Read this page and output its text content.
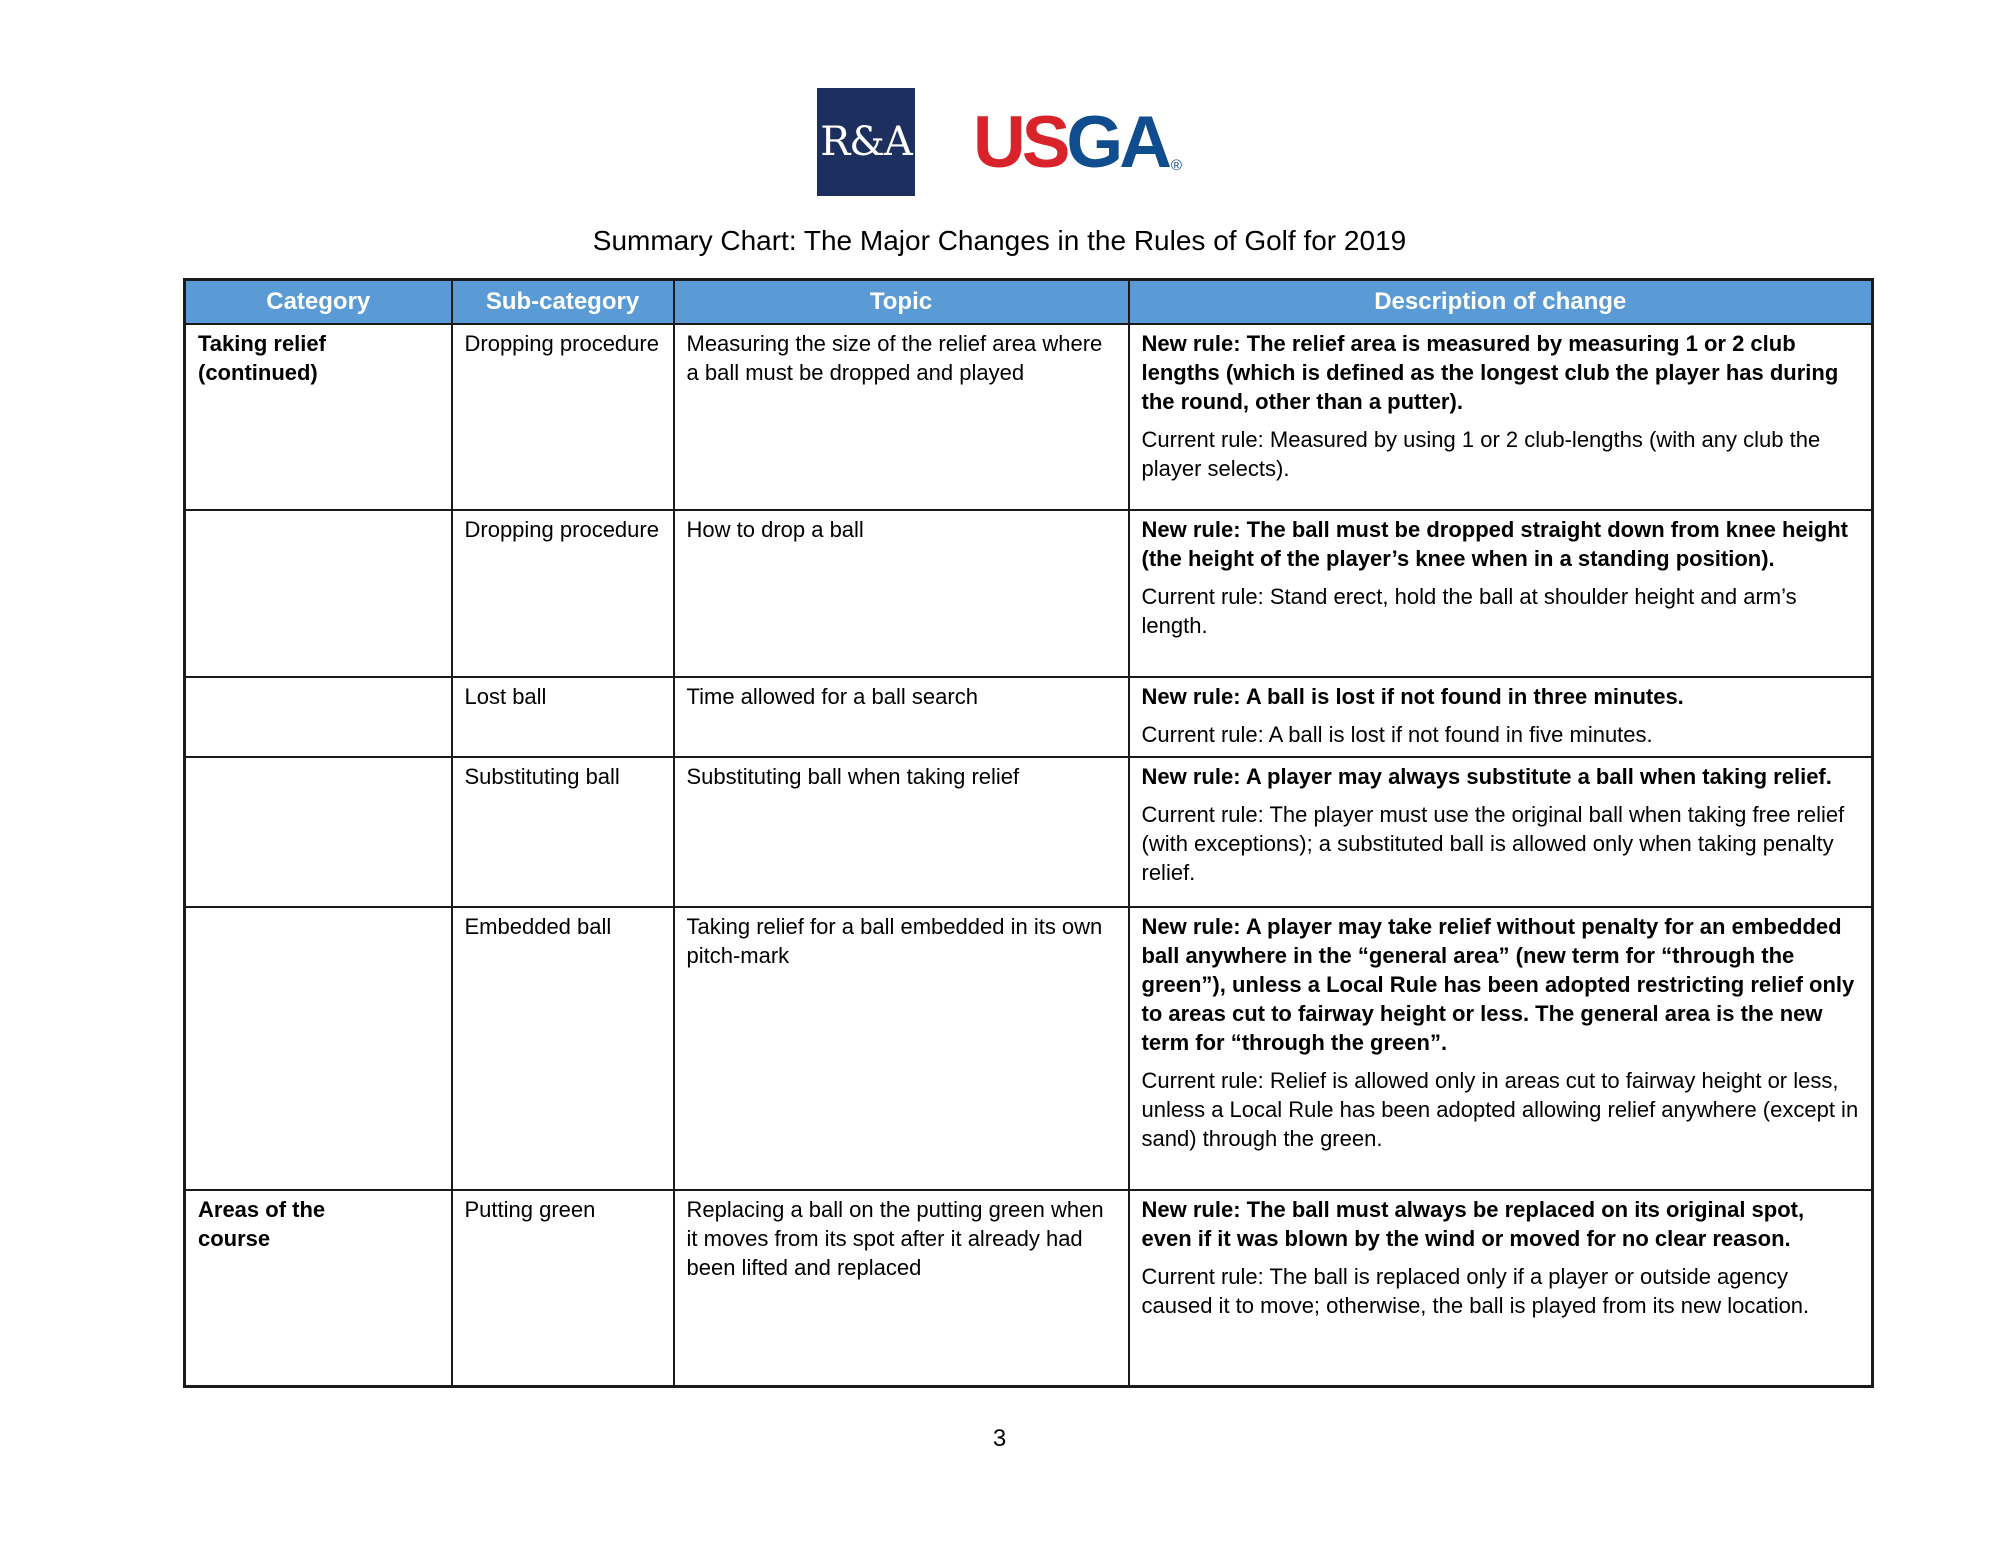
R&A US GA ®
Summary Chart: The Major Changes in the Rules of Golf for 2019
Category	Sub-category	Topic	Description of change
Taking relief (continued)	Dropping procedure	Measuring the size of the relief area where a ball must be dropped and played	New rule: The relief area is measured by measuring 1 or 2 club lengths (which is defined as the longest club the player has during the round, other than a putter).

Current rule: Measured by using 1 or 2 club-lengths (with any club the player selects).

	Dropping procedure	How to drop a ball	New rule: The ball must be dropped straight down from knee height (the height of the player’s knee when in a standing position).

Current rule: Stand erect, hold the ball at shoulder height and arm’s length.

	Lost ball	Time allowed for a ball search	New rule: A ball is lost if not found in three minutes.

Current rule: A ball is lost if not found in five minutes.

	Substituting ball	Substituting ball when taking relief	New rule: A player may always substitute a ball when taking relief.

Current rule: The player must use the original ball when taking free relief (with exceptions); a substituted ball is allowed only when taking penalty relief.

	Embedded ball	Taking relief for a ball embedded in its own pitch-mark	New rule: A player may take relief without penalty for an embedded ball anywhere in the “general area” (new term for “through the green”), unless a Local Rule has been adopted restricting relief only to areas cut to fairway height or less. The general area is the new term for “through the green”.

Current rule: Relief is allowed only in areas cut to fairway height or less, unless a Local Rule has been adopted allowing relief anywhere (except in sand) through the green.

Areas of the course	Putting green	Replacing a ball on the putting green when it moves from its spot after it already had been lifted and replaced	New rule: The ball must always be replaced on its original spot, even if it was blown by the wind or moved for no clear reason.

Current rule: The ball is replaced only if a player or outside agency caused it to move; otherwise, the ball is played from its new location.

3
